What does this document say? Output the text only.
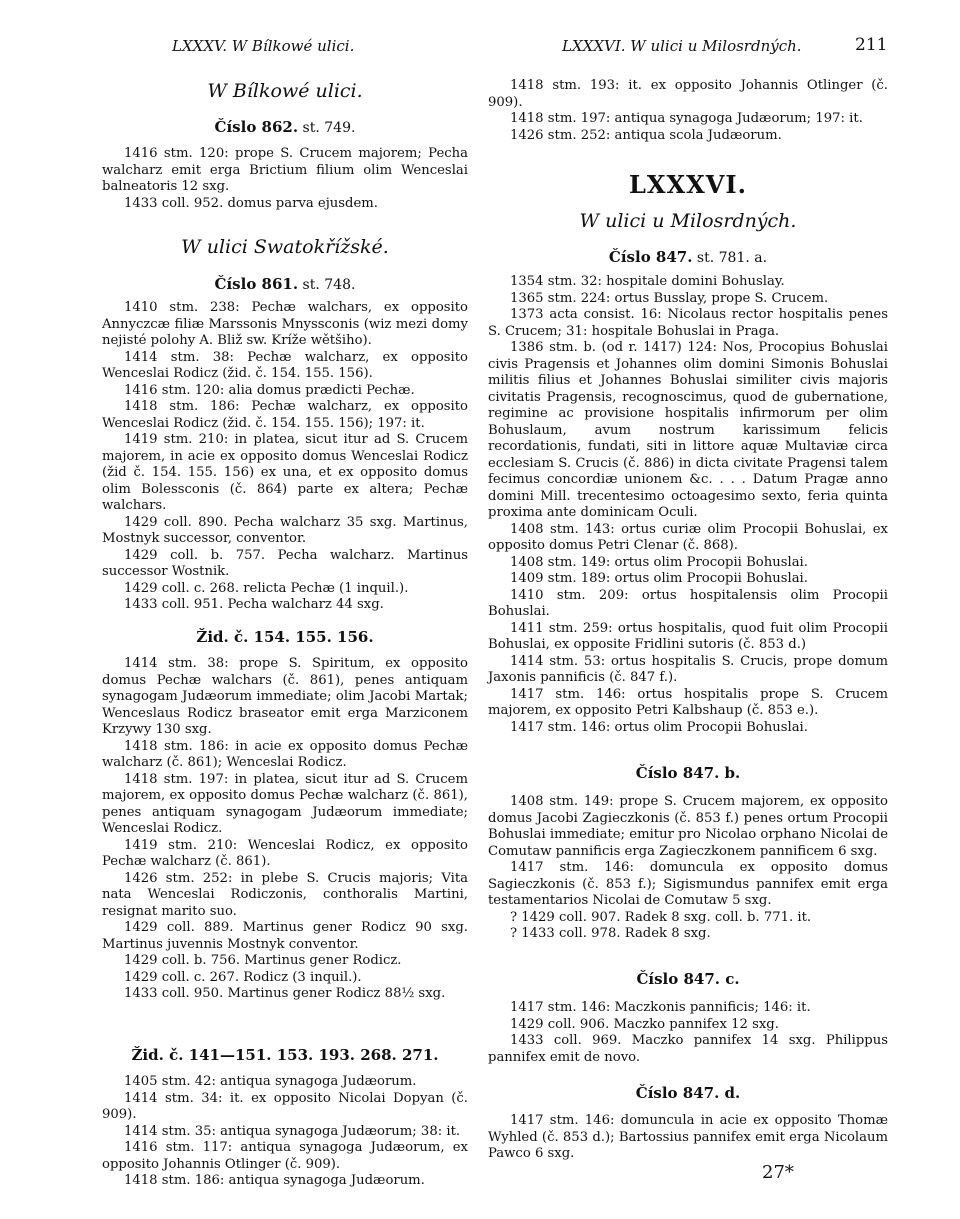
LXXXV. W Bílkowé ulici.	LXXXVI. W ulici u Milosrdných.	211

W Bílkowé ulici.

Číslo 862. st. 749.

1416 stm. 120: prope S. Crucem majorem; Pecha walcharz emit erga Brictium filium olim Wenceslai balneatoris 12 sxg.

1433 coll. 952. domus parva ejusdem.

W ulici Swatokřížské.

Číslo 861. st. 748.

1410 stm. 238: Pechæ walchars, ex opposito Annyczcæ filiæ Marssonis Mnyssconis (wiz mezi domy nejisté polohy A. Bliž sw. Kríže wětšiho).

1414 stm. 38: Pechæ walcharz, ex opposito Wenceslai Rodicz (žid. č. 154. 155. 156).

1416 stm. 120: alia domus prædicti Pechæ.

1418 stm. 186: Pechæ walcharz, ex opposito Wenceslai Rodicz (žid. č. 154. 155. 156); 197: it.

1419 stm. 210: in platea, sicut itur ad S. Crucem majorem, in acie ex opposito domus Wenceslai Rodicz (žid č. 154. 155. 156) ex una, et ex opposito domus olim Bolessconis (č. 864) parte ex altera; Pechæ walchars.

1429 coll. 890. Pecha walcharz 35 sxg. Martinus, Mostnyk successor, conventor.

1429 coll. b. 757. Pecha walcharz. Martinus successor Wostnik.

1429 coll. c. 268. relicta Pechæ (1 inquil.).

1433 coll. 951. Pecha walcharz 44 sxg.

Žid. č. 154. 155. 156.

1414 stm. 38: prope S. Spiritum, ex opposito domus Pechæ walchars (č. 861), penes antiquam synagogam Judæorum immediate; olim Jacobi Martak; Wenceslaus Rodicz braseator emit erga Marziconem Krzywy 130 sxg.

1418 stm. 186: in acie ex opposito domus Pechæ walcharz (č. 861); Wenceslai Rodicz.

1418 stm. 197: in platea, sicut itur ad S. Crucem majorem, ex opposito domus Pechæ walcharz (č. 861), penes antiquam synagogam Judæorum immediate; Wenceslai Rodicz.

1419 stm. 210: Wenceslai Rodicz, ex opposito Pechæ walcharz (č. 861).

1426 stm. 252: in plebe S. Crucis majoris; Vita nata Wenceslai Rodiczonis, conthoralis Martini, resignat marito suo.

1429 coll. 889. Martinus gener Rodicz 90 sxg. Martinus juvennis Mostnyk conventor.

1429 coll. b. 756. Martinus gener Rodicz.

1429 coll. c. 267. Rodicz (3 inquil.).

1433 coll. 950. Martinus gener Rodicz 88½ sxg.

Žid. č. 141—151. 153. 193. 268. 271.

1405 stm. 42: antiqua synagoga Judæorum.

1414 stm. 34: it. ex opposito Nicolai Dopyan (č. 909).

1414 stm. 35: antiqua synagoga Judæorum; 38: it.

1416 stm. 117: antiqua synagoga Judæorum, ex opposito Johannis Otlinger (č. 909).

1418 stm. 186: antiqua synagoga Judæorum.

1418 stm. 193: it. ex opposito Johannis Otlinger (č. 909).

1418 stm. 197: antiqua synagoga Judæorum; 197: it.

1426 stm. 252: antiqua scola Judæorum.

LXXXVI.

W ulici u Milosrdných.

Číslo 847. st. 781. a.

1354 stm. 32: hospitale domini Bohuslay.

1365 stm. 224: ortus Busslay, prope S. Crucem.

1373 acta consist. 16: Nicolaus rector hospitalis penes S. Crucem; 31: hospitale Bohuslai in Praga.

1386 stm. b. (od r. 1417) 124: Nos, Procopius Bohuslai civis Pragensis et Johannes olim domini Simonis Bohuslai militis filius et Johannes Bohuslai similiter civis majoris civitatis Pragensis, recognoscimus, quod de gubernatione, regimine ac provisione hospitalis infirmorum per olim Bohuslaum, avum nostrum karissimum felicis recordationis, fundati, siti in littore aquæ Multaviæ circa ecclesiam S. Crucis (č. 886) in dicta civitate Pragensi talem fecimus concordiæ unionem &c. . . . Datum Pragæ anno domini Mill. trecentesimo octoagesimo sexto, feria quinta proxima ante dominicam Oculi.

1408 stm. 143: ortus curiæ olim Procopii Bohuslai, ex opposito domus Petri Clenar (č. 868).

1408 stm. 149: ortus olim Procopii Bohuslai.

1409 stm. 189: ortus olim Procopii Bohuslai.

1410 stm. 209: ortus hospitalensis olim Procopii Bohuslai.

1411 stm. 259: ortus hospitalis, quod fuit olim Procopii Bohuslai, ex opposite Fridlini sutoris (č. 853 d.)

1414 stm. 53: ortus hospitalis S. Crucis, prope domum Jaxonis pannificis (č. 847 f.).

1417 stm. 146: ortus hospitalis prope S. Crucem majorem, ex opposito Petri Kalbshaup (č. 853 e.).

1417 stm. 146: ortus olim Procopii Bohuslai.

Číslo 847. b.

1408 stm. 149: prope S. Crucem majorem, ex opposito domus Jacobi Zagieczkonis (č. 853 f.) penes ortum Procopii Bohuslai immediate; emitur pro Nicolao orphano Nicolai de Comutaw pannificis erga Zagieczkonem pannificem 6 sxg.

1417 stm. 146: domuncula ex opposito domus Sagieczkonis (č. 853 f.); Sigismundus pannifex emit erga testamentarios Nicolai de Comutaw 5 sxg.

? 1429 coll. 907. Radek 8 sxg. coll. b. 771. it.

? 1433 coll. 978. Radek 8 sxg.

Číslo 847. c.

1417 stm. 146: Maczkonis pannificis; 146: it.

1429 coll. 906. Maczko pannifex 12 sxg.

1433 coll. 969. Maczko pannifex 14 sxg. Philippus pannifex emit de novo.

Číslo 847. d.

1417 stm. 146: domuncula in acie ex opposito Thomæ Wyhled (č. 853 d.); Bartossius pannifex emit erga Nicolaum Pawco 6 sxg.

27*
